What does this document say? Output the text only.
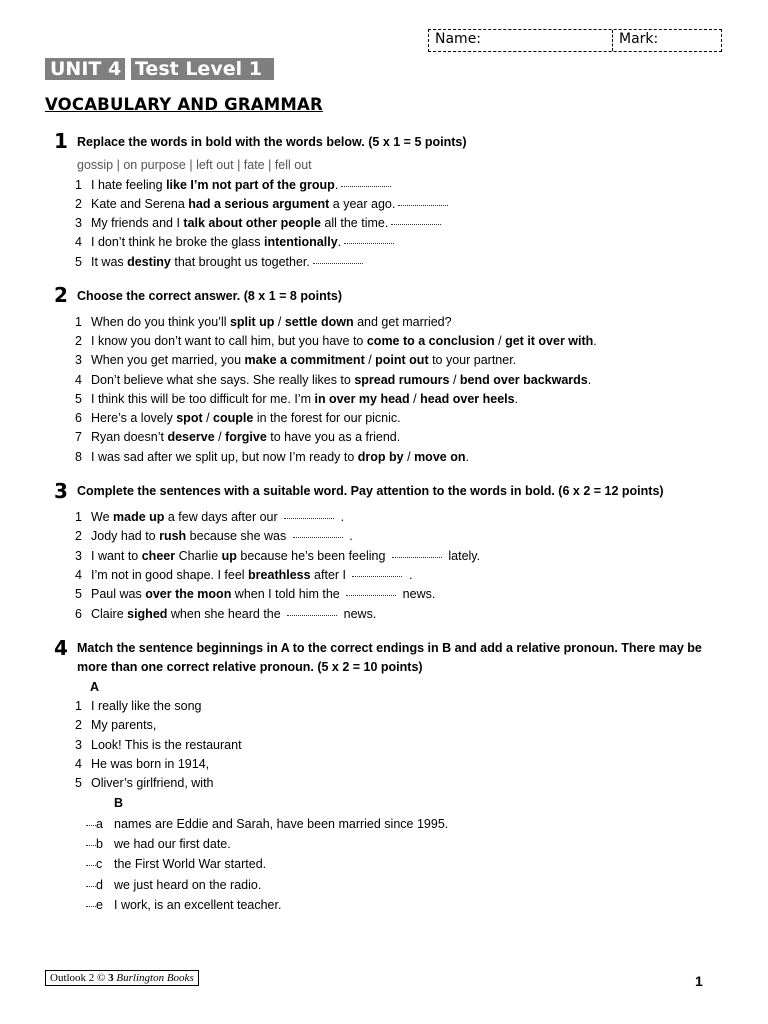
Name:	Mark:
UNIT 4 Test Level 1
VOCABULARY AND GRAMMAR
1 Replace the words in bold with the words below. (5 x 1 = 5 points)
gossip | on purpose | left out | fate | fell out
1 I hate feeling like I’m not part of the group.
2 Kate and Serena had a serious argument a year ago.
3 My friends and I talk about other people all the time.
4 I don’t think he broke the glass intentionally.
5 It was destiny that brought us together.
2 Choose the correct answer. (8 x 1 = 8 points)
1 When do you think you’ll split up / settle down and get married?
2 I know you don’t want to call him, but you have to come to a conclusion / get it over with.
3 When you get married, you make a commitment / point out to your partner.
4 Don’t believe what she says. She really likes to spread rumours / bend over backwards.
5 I think this will be too difficult for me. I’m in over my head / head over heels.
6 Here’s a lovely spot / couple in the forest for our picnic.
7 Ryan doesn’t deserve / forgive to have you as a friend.
8 I was sad after we split up, but now I’m ready to drop by / move on.
3 Complete the sentences with a suitable word. Pay attention to the words in bold. (6 x 2 = 12 points)
1 We made up a few days after our	.
2 Jody had to rush because she was	.
3 I want to cheer Charlie up because he’s been feeling	lately.
4 I’m not in good shape. I feel breathless after I	.
5 Paul was over the moon when I told him the	news.
6 Claire sighed when she heard the	news.
4 Match the sentence beginnings in A to the correct endings in B and add a relative pronoun. There may be
more than one correct relative pronoun. (5 x 2 = 10 points)
A
1 I really like the song
2 My parents,
3 Look! This is the restaurant
4 He was born in 1914,
5 Oliver’s girlfriend, with
B
a names are Eddie and Sarah, have been married since 1995.
b we had our first date.
c the First World War started.
d we just heard on the radio.
e I work, is an excellent teacher.
Outlook 2 © 3 Burlington Books	1
